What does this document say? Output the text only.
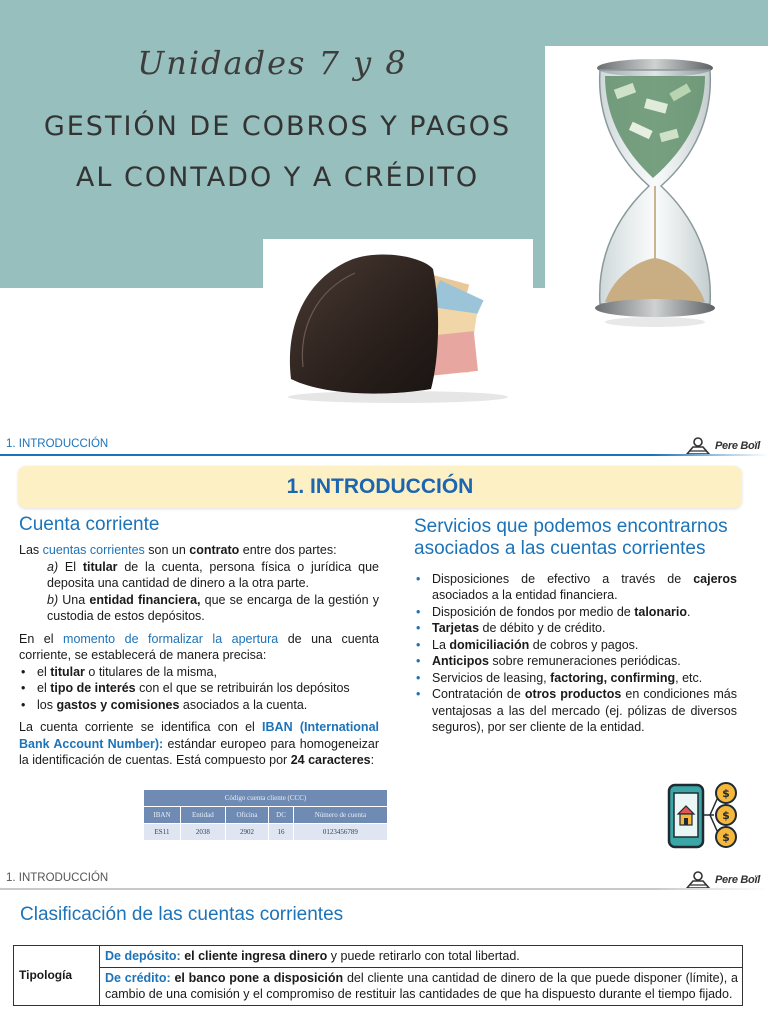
Unidades 7 y 8
GESTIÓN DE COBROS Y PAGOS
AL CONTADO Y A CRÉDITO
1. INTRODUCCIÓN	Pere Boïl
1. INTRODUCCIÓN
Cuenta corriente

Las cuentas corrientes son un contrato entre dos partes:

a) El titular de la cuenta, persona física o jurídica que deposita una cantidad de dinero a la otra parte.

b) Una entidad financiera, que se encarga de la gestión y custodia de estos depósitos.

En el momento de formalizar la apertura de una cuenta corriente, se establecerá de manera precisa:

• el titular o titulares de la misma,
• el tipo de interés con el que se retribuirán los depósitos
• los gastos y comisiones asociados a la cuenta.

La cuenta corriente se identifica con el IBAN (International Bank Account Number): estándar europeo para homogeneizar la identificación de cuentas. Está compuesto por 24 caracteres:

Código cuenta cliente (CCC)				
IBAN	Entidad	Oficina	DC	Número de cuenta
ES11	2038	2902	16	0123456789
Servicios que podemos encontrarnos asociados a las cuentas corrientes
• Disposiciones de efectivo a través de cajeros asociados a la entidad financiera.
• Disposición de fondos por medio de talonario.
• Tarjetas de débito y de crédito.
• La domiciliación de cobros y pagos.
• Anticipos sobre remuneraciones periódicas.
• Servicios de leasing, factoring, confirming, etc.
• Contratación de otros productos en condiciones más ventajosas a las del mercado (ej. pólizas de diversos seguros), por ser cliente de la entidad.
$
$
$
1. INTRODUCCIÓN	Pere Boïl
Clasificación de las cuentas corrientes
Tipología	De depósito: el cliente ingresa dinero y puede retirarlo con total libertad.
De crédito: el banco pone a disposición del cliente una cantidad de dinero de la que puede disponer (límite), a cambio de una comisión y el compromiso de restituir las cantidades de que ha dispuesto durante el tiempo fijado.
